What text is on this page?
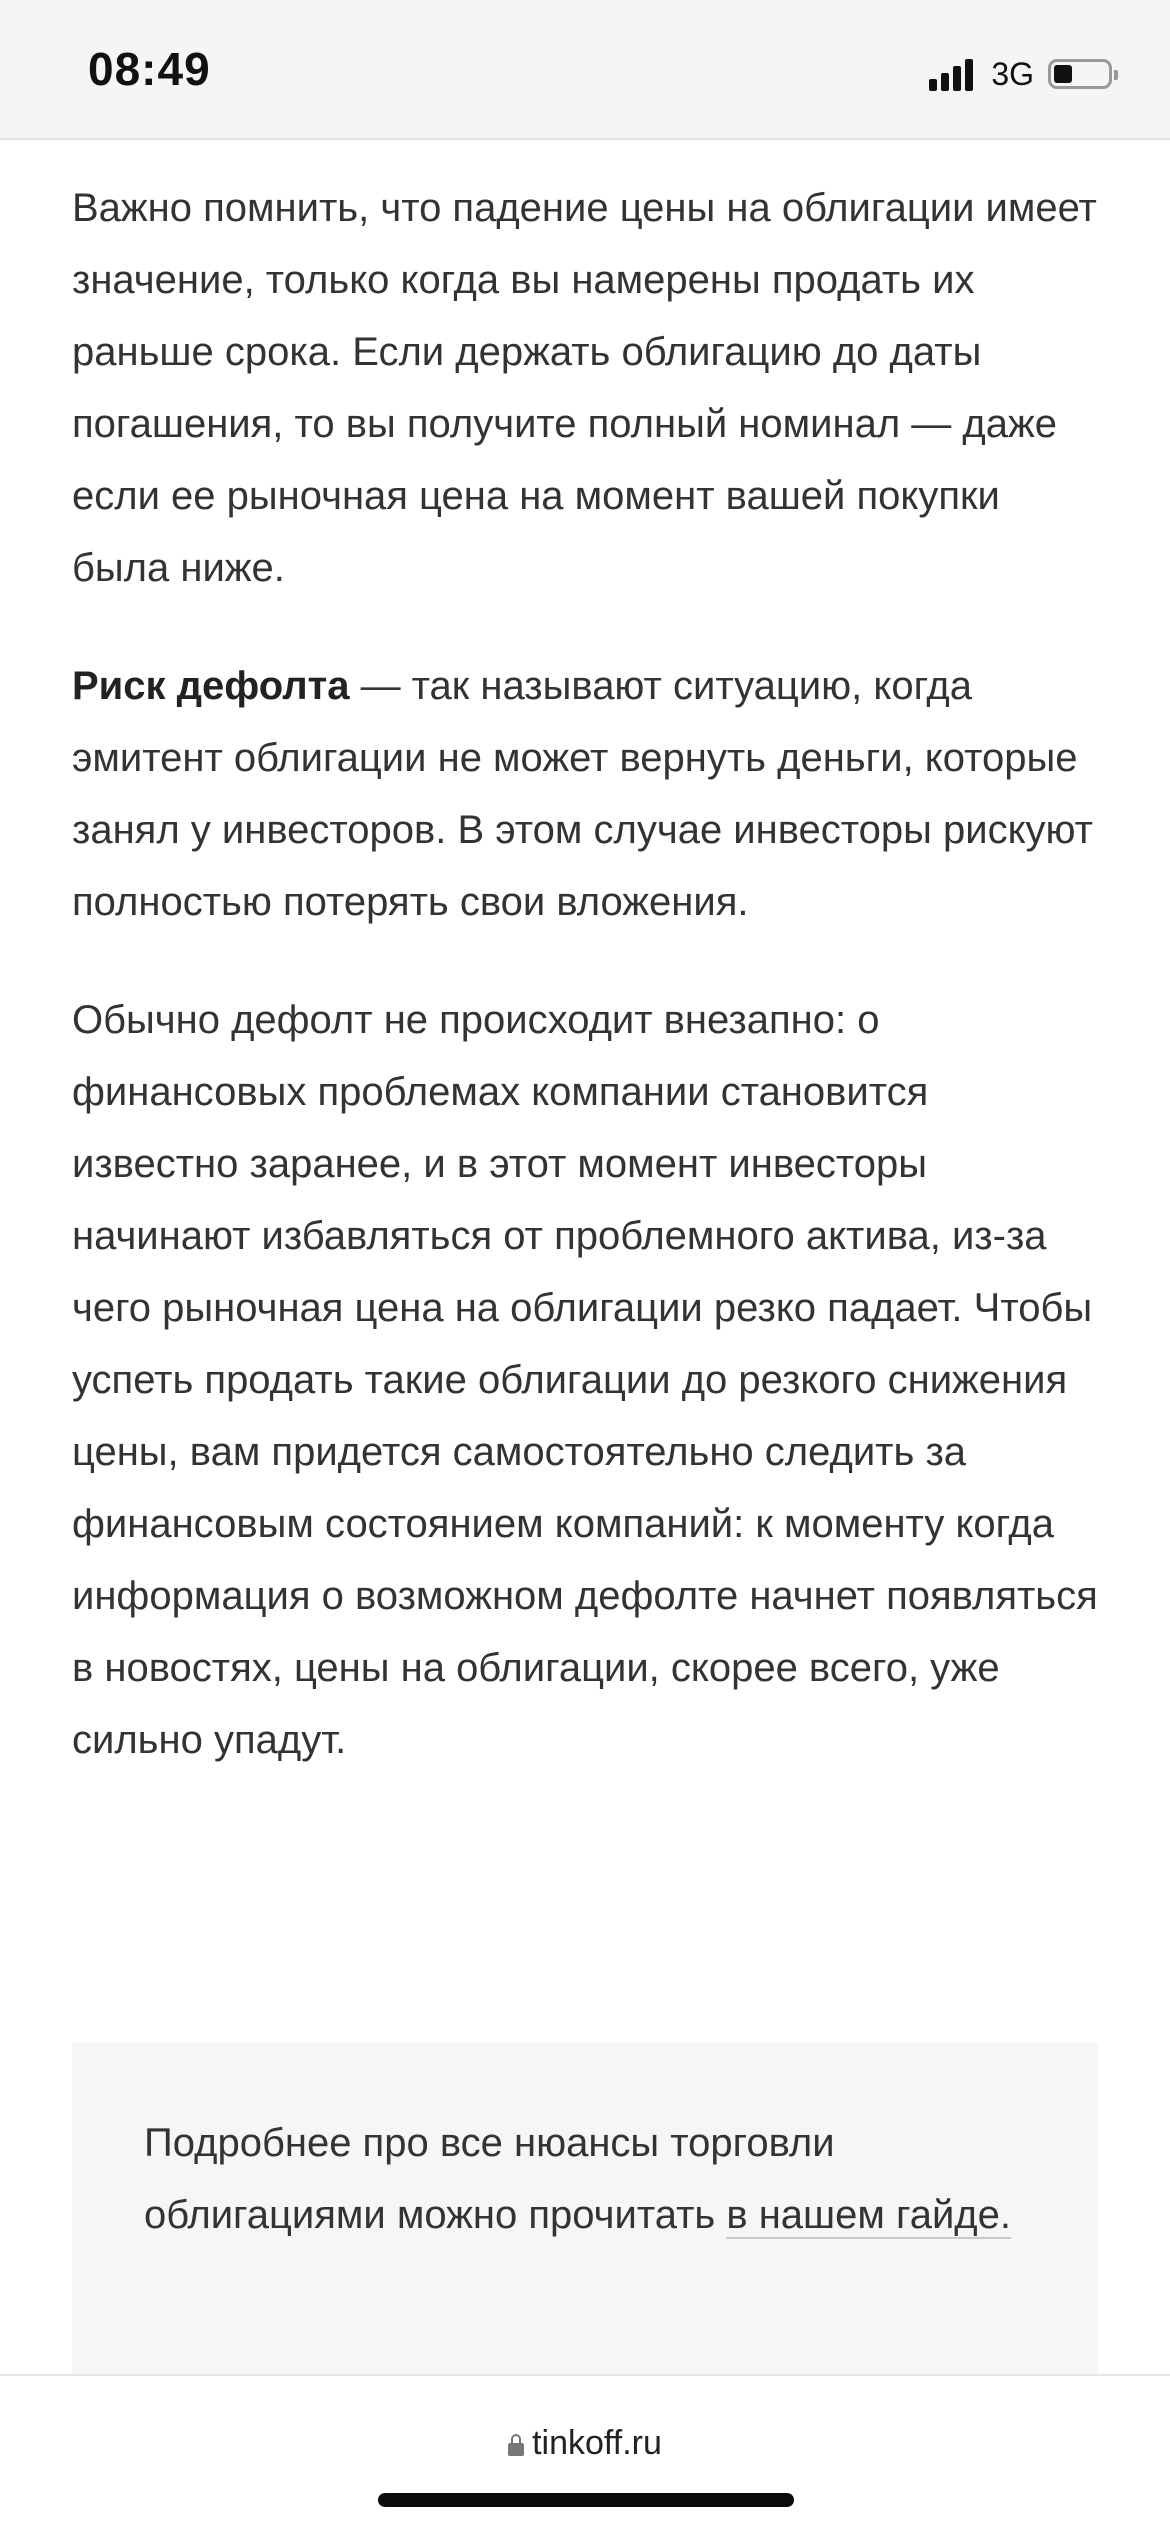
08:49	3G

Важно помнить, что падение цены на облигации имеет значение, только когда вы намерены продать их раньше срока. Если держать облигацию до даты погашения, то вы получите полный номинал — даже если ее рыночная цена на момент вашей покупки была ниже.

Риск дефолта — так называют ситуацию, когда эмитент облигации не может вернуть деньги, которые занял у инвесторов. В этом случае инвесторы рискуют полностью потерять свои вложения.

Обычно дефолт не происходит внезапно: о финансовых проблемах компании становится известно заранее, и в этот момент инвесторы начинают избавляться от проблемного актива, из-за чего рыночная цена на облигации резко падает. Чтобы успеть продать такие облигации до резкого снижения цены, вам придется самостоятельно следить за финансовым состоянием компаний: к моменту когда информация о возможном дефолте начнет появляться в новостях, цены на облигации, скорее всего, уже сильно упадут.

Подробнее про все нюансы торговли облигациями можно прочитать в нашем гайде.

tinkoff.ru
